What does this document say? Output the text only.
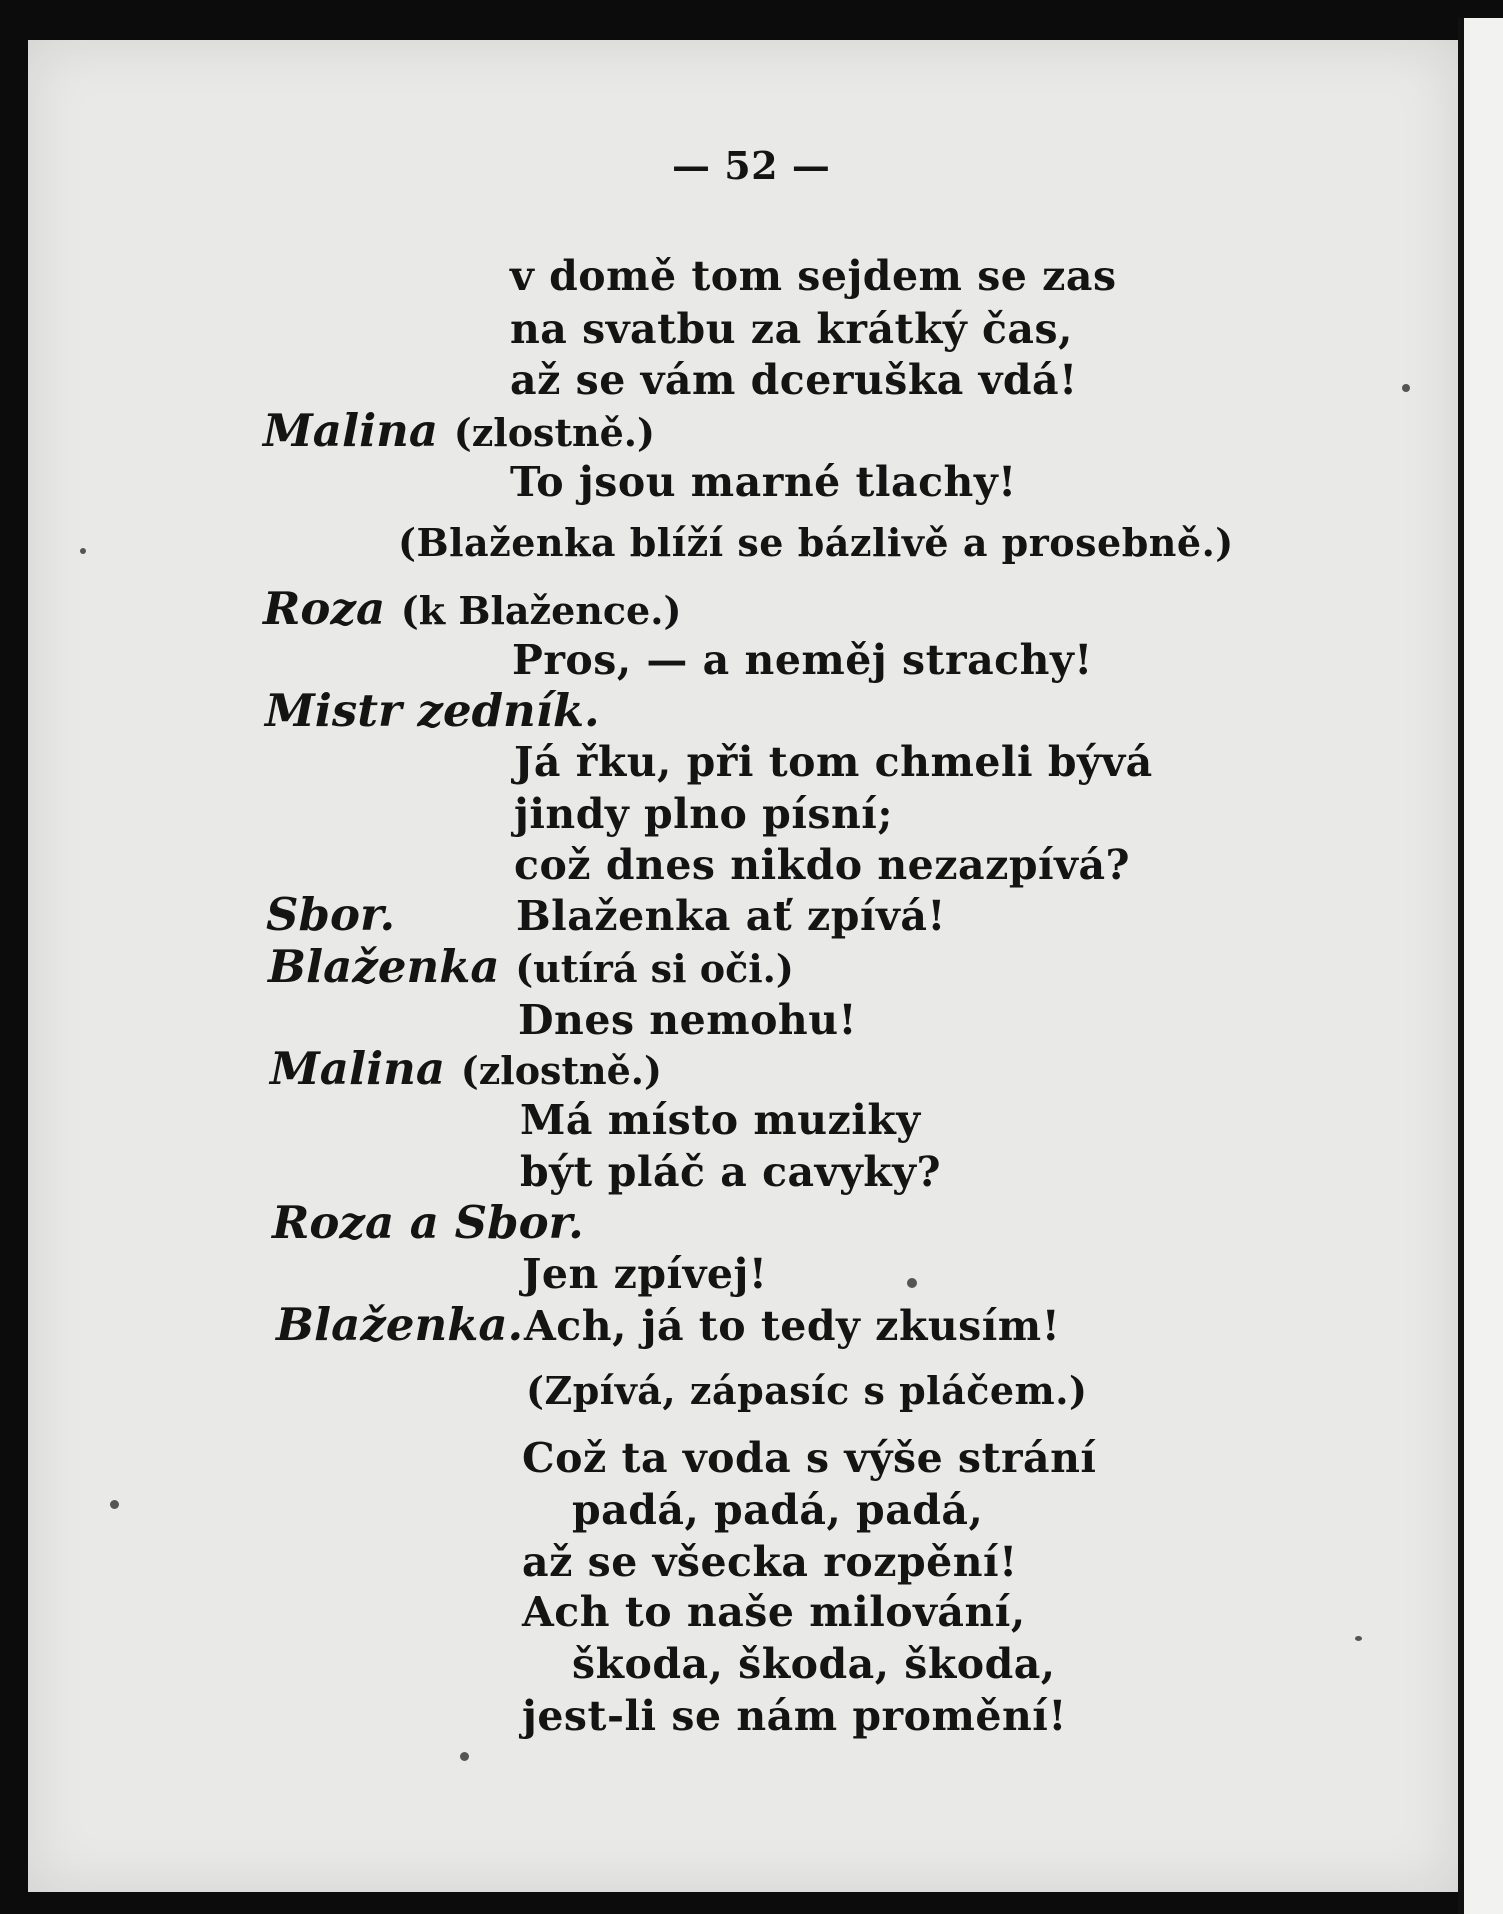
— 52 —

v domě tom sejdem se zas

na svatbu za krátký čas,

až se vám dceruška vdá!

Malina (zlostně.)

To jsou marné tlachy!

(Blaženka blíží se bázlivě a prosebně.)

Roza (k Blažence.)

Pros, — a neměj strachy!

Mistr zedník.

Já řku, při tom chmeli bývá

jindy plno písní;

což dnes nikdo nezazpívá?

Sbor.	Blaženka ať zpívá!

Blaženka (utírá si oči.)

Dnes nemohu!

Malina (zlostně.)

Má místo muziky

být pláč a cavyky?

Roza a Sbor.

Jen zpívej!

Blaženka. Ach, já to tedy zkusím!

(Zpívá, zápasíc s pláčem.)

Což ta voda s výše strání

padá, padá, padá,

až se všecka rozpění!

Ach to naše milování,

škoda, škoda, škoda,

jest-li se nám promění!
